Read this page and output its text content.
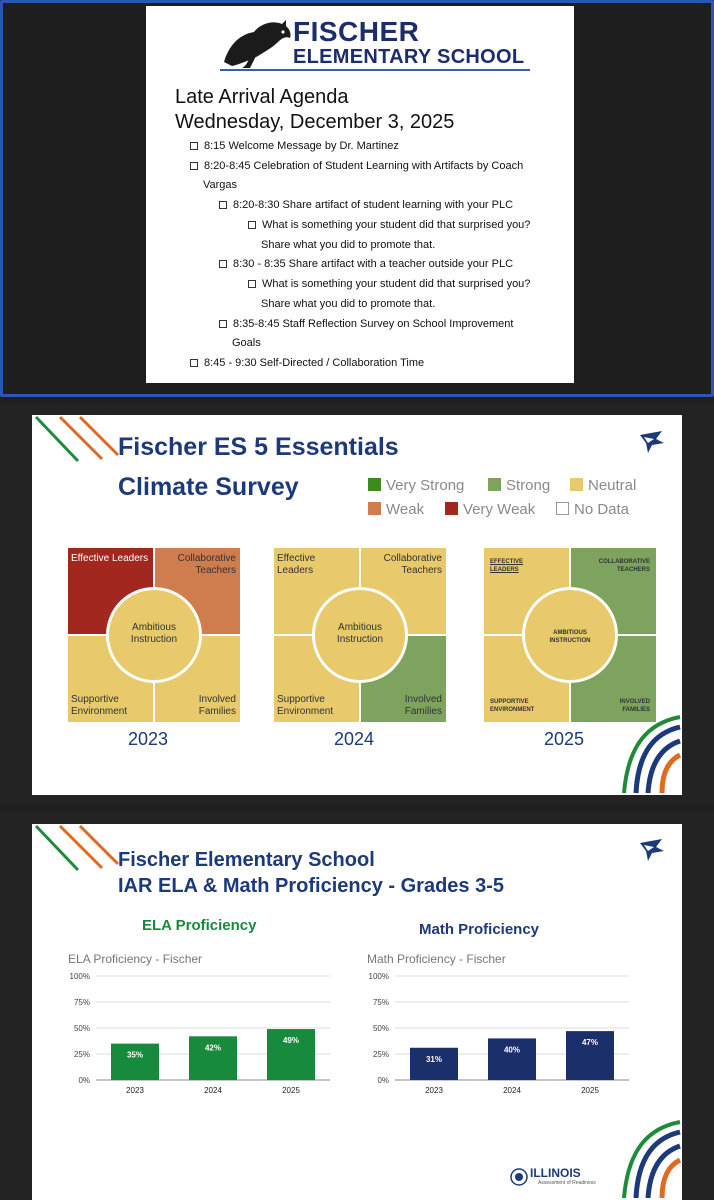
FISCHER
ELEMENTARY SCHOOL
Late Arrival Agenda
Wednesday, December 3, 2025
8:15 Welcome Message by Dr. Martinez
8:20-8:45 Celebration of Student Learning with Artifacts by Coach
Vargas
8:20-8:30 Share artifact of student learning with your PLC
What is something your student did that surprised you?
Share what you did to promote that.
8:30 - 8:35 Share artifact with a teacher outside your PLC
What is something your student did that surprised you?
Share what you did to promote that.
8:35-8:45 Staff Reflection Survey on School Improvement
Goals
8:45 - 9:30 Self-Directed / Collaboration Time
Fischer ES 5 Essentials
Climate Survey	Very Strong	Strong	Neutral
Weak	Very Weak	No Data
Effective Leaders	Collaborative Teachers
Supportive Environment
Involved Families
Ambitious Instruction
2023
Effective Leaders
Collaborative Teachers
Supportive Environment
Involved Families
Ambitious Instruction
2024
EFFECTIVE LEADERS
COLLABORATIVE TEACHERS
SUPPORTIVE ENVIRONMENT
INVOLVED FAMILIES
AMBITIOUS INSTRUCTION
2025
Fischer Elementary School
IAR ELA & Math Proficiency - Grades 3-5
ELA Proficiency	Math Proficiency
ELA Proficiency - Fischer	Math Proficiency - Fischer
0%
25%
50%
75%
100%
35%
2023
42%
2024
49%
2025
0%
25%
50%
75%
100%
31%
2023
40%
2024
47%
2025
ILLINOIS
Assessment of Readiness
